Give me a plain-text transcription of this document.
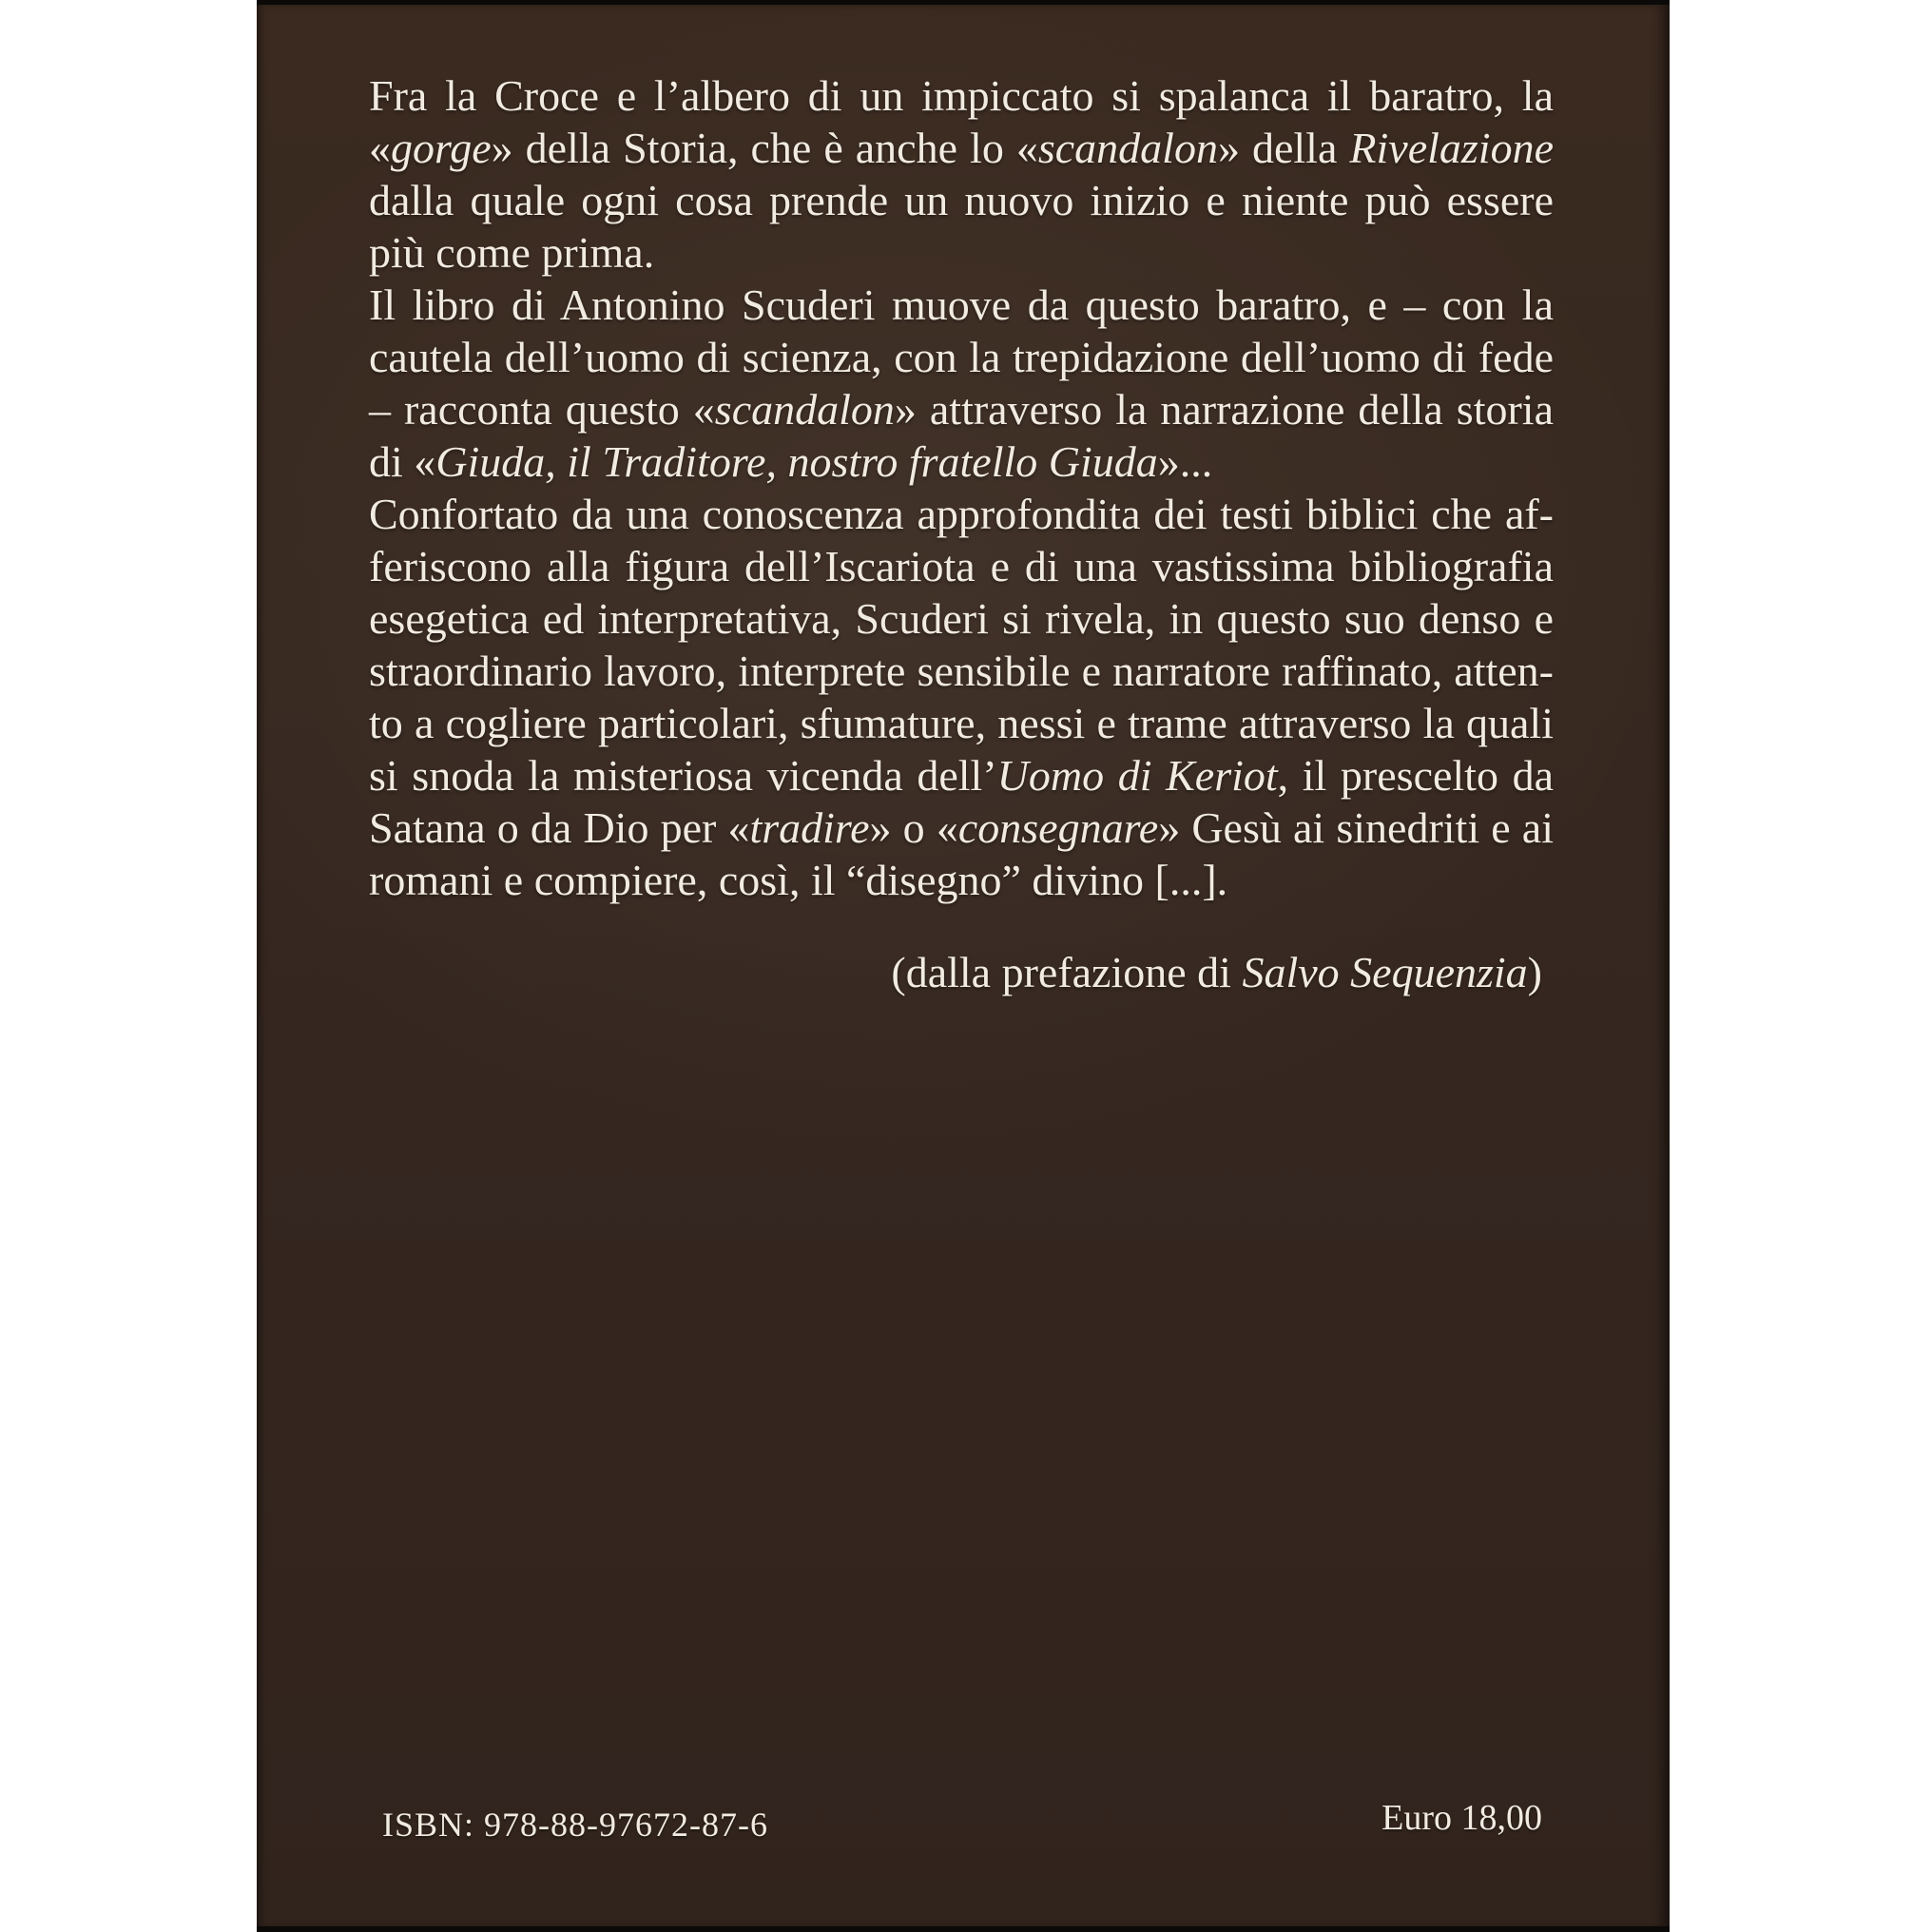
Fra la Croce e l’albero di un impiccato si spalanca il baratro, la
«gorge» della Storia, che è anche lo «scandalon» della Rivelazione
dalla quale ogni cosa prende un nuovo inizio e niente può essere
più come prima.
Il libro di Antonino Scuderi muove da questo baratro, e – con la
cautela dell’uomo di scienza, con la trepidazione dell’uomo di fede
– racconta questo «scandalon» attraverso la narrazione della storia
di «Giuda, il Traditore, nostro fratello Giuda»...
Confortato da una conoscenza approfondita dei testi biblici che af-
feriscono alla figura dell’Iscariota e di una vastissima bibliografia
esegetica ed interpretativa, Scuderi si rivela, in questo suo denso e
straordinario lavoro, interprete sensibile e narratore raffinato, atten-
to a cogliere particolari, sfumature, nessi e trame attraverso la quali
si snoda la misteriosa vicenda dell’Uomo di Keriot, il prescelto da
Satana o da Dio per «tradire» o «consegnare» Gesù ai sinedriti e ai
romani e compiere, così, il “disegno” divino [...].
(dalla prefazione di Salvo Sequenzia)
ISBN: 978-88-97672-87-6	Euro 18,00
